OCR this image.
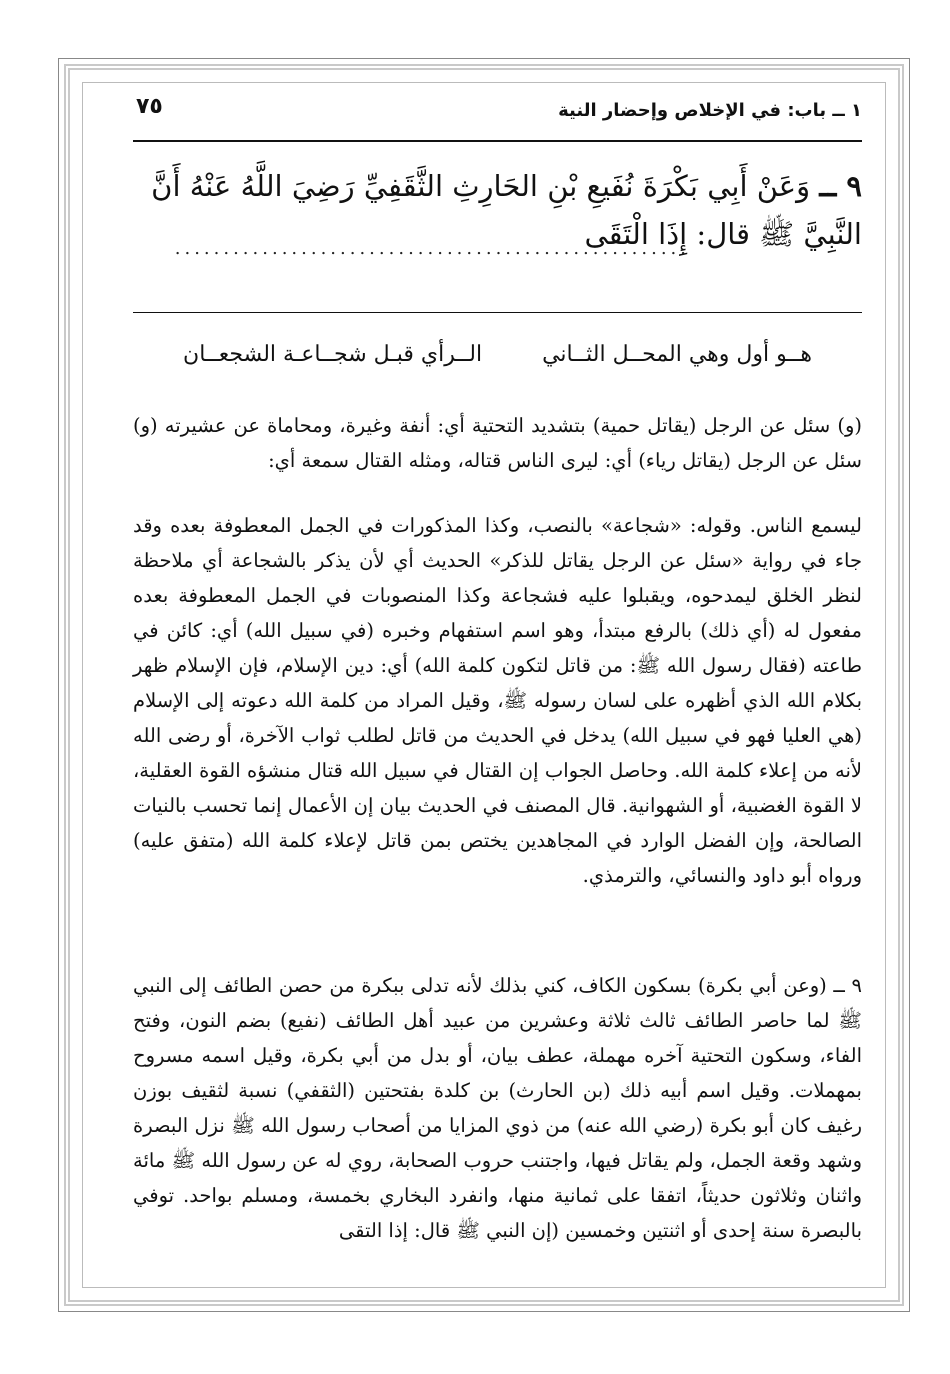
٧٥	١ ــ باب: في الإخلاص وإحضار النية
٩ ــ وَعَنْ أَبِي بَكْرَةَ نُفَيعِ بْنِ الحَارِثِ الثَّقَفِيِّ رَضِيَ اللَّهُ عَنْهُ أَنَّ النَّبِيَّ ﷺ قال: إِذَا الْتَقَى
.....................................................
هــو أول وهي المحــل الثــاني
الــرأي قبـل شجــاعـة الشجعــان

(و) سئل عن الرجل (يقاتل حمية) بتشديد التحتية أي: أنفة وغيرة، ومحاماة عن عشيرته (و) سئل عن الرجل (يقاتل رياء) أي: ليرى الناس قتاله، ومثله القتال سمعة أي:

ليسمع الناس. وقوله: «شجاعة» بالنصب، وكذا المذكورات في الجمل المعطوفة بعده وقد جاء في رواية «سئل عن الرجل يقاتل للذكر» الحديث أي لأن يذكر بالشجاعة أي ملاحظة لنظر الخلق ليمدحوه، ويقبلوا عليه فشجاعة وكذا المنصوبات في الجمل المعطوفة بعده مفعول له (أي ذلك) بالرفع مبتدأ، وهو اسم استفهام وخبره (في سبيل الله) أي: كائن في طاعته (فقال رسول الله ﷺ: من قاتل لتكون كلمة الله) أي: دين الإسلام، فإن الإسلام ظهر بكلام الله الذي أظهره على لسان رسوله ﷺ، وقيل المراد من كلمة الله دعوته إلى الإسلام (هي العليا فهو في سبيل الله) يدخل في الحديث من قاتل لطلب ثواب الآخرة، أو رضى الله لأنه من إعلاء كلمة الله. وحاصل الجواب إن القتال في سبيل الله قتال منشؤه القوة العقلية، لا القوة الغضبية، أو الشهوانية. قال المصنف في الحديث بيان إن الأعمال إنما تحسب بالنيات الصالحة، وإن الفضل الوارد في المجاهدين يختص بمن قاتل لإعلاء كلمة الله (متفق عليه) ورواه أبو داود والنسائي، والترمذي.

٩ ــ (وعن أبي بكرة) بسكون الكاف، كني بذلك لأنه تدلى ببكرة من حصن الطائف إلى النبي ﷺ لما حاصر الطائف ثالث ثلاثة وعشرين من عبيد أهل الطائف (نفيع) بضم النون، وفتح الفاء، وسكون التحتية آخره مهملة، عطف بيان، أو بدل من أبي بكرة، وقيل اسمه مسروح بمهملات. وقيل اسم أبيه ذلك (بن الحارث) بن كلدة بفتحتين (الثقفي) نسبة لثقيف بوزن رغيف كان أبو بكرة (رضي الله عنه) من ذوي المزايا من أصحاب رسول الله ﷺ نزل البصرة وشهد وقعة الجمل، ولم يقاتل فيها، واجتنب حروب الصحابة، روي له عن رسول الله ﷺ مائة واثنان وثلاثون حديثاً، اتفقا على ثمانية منها، وانفرد البخاري بخمسة، ومسلم بواحد. توفي بالبصرة سنة إحدى أو اثنتين وخمسين (إن النبي ﷺ قال: إذا التقى
